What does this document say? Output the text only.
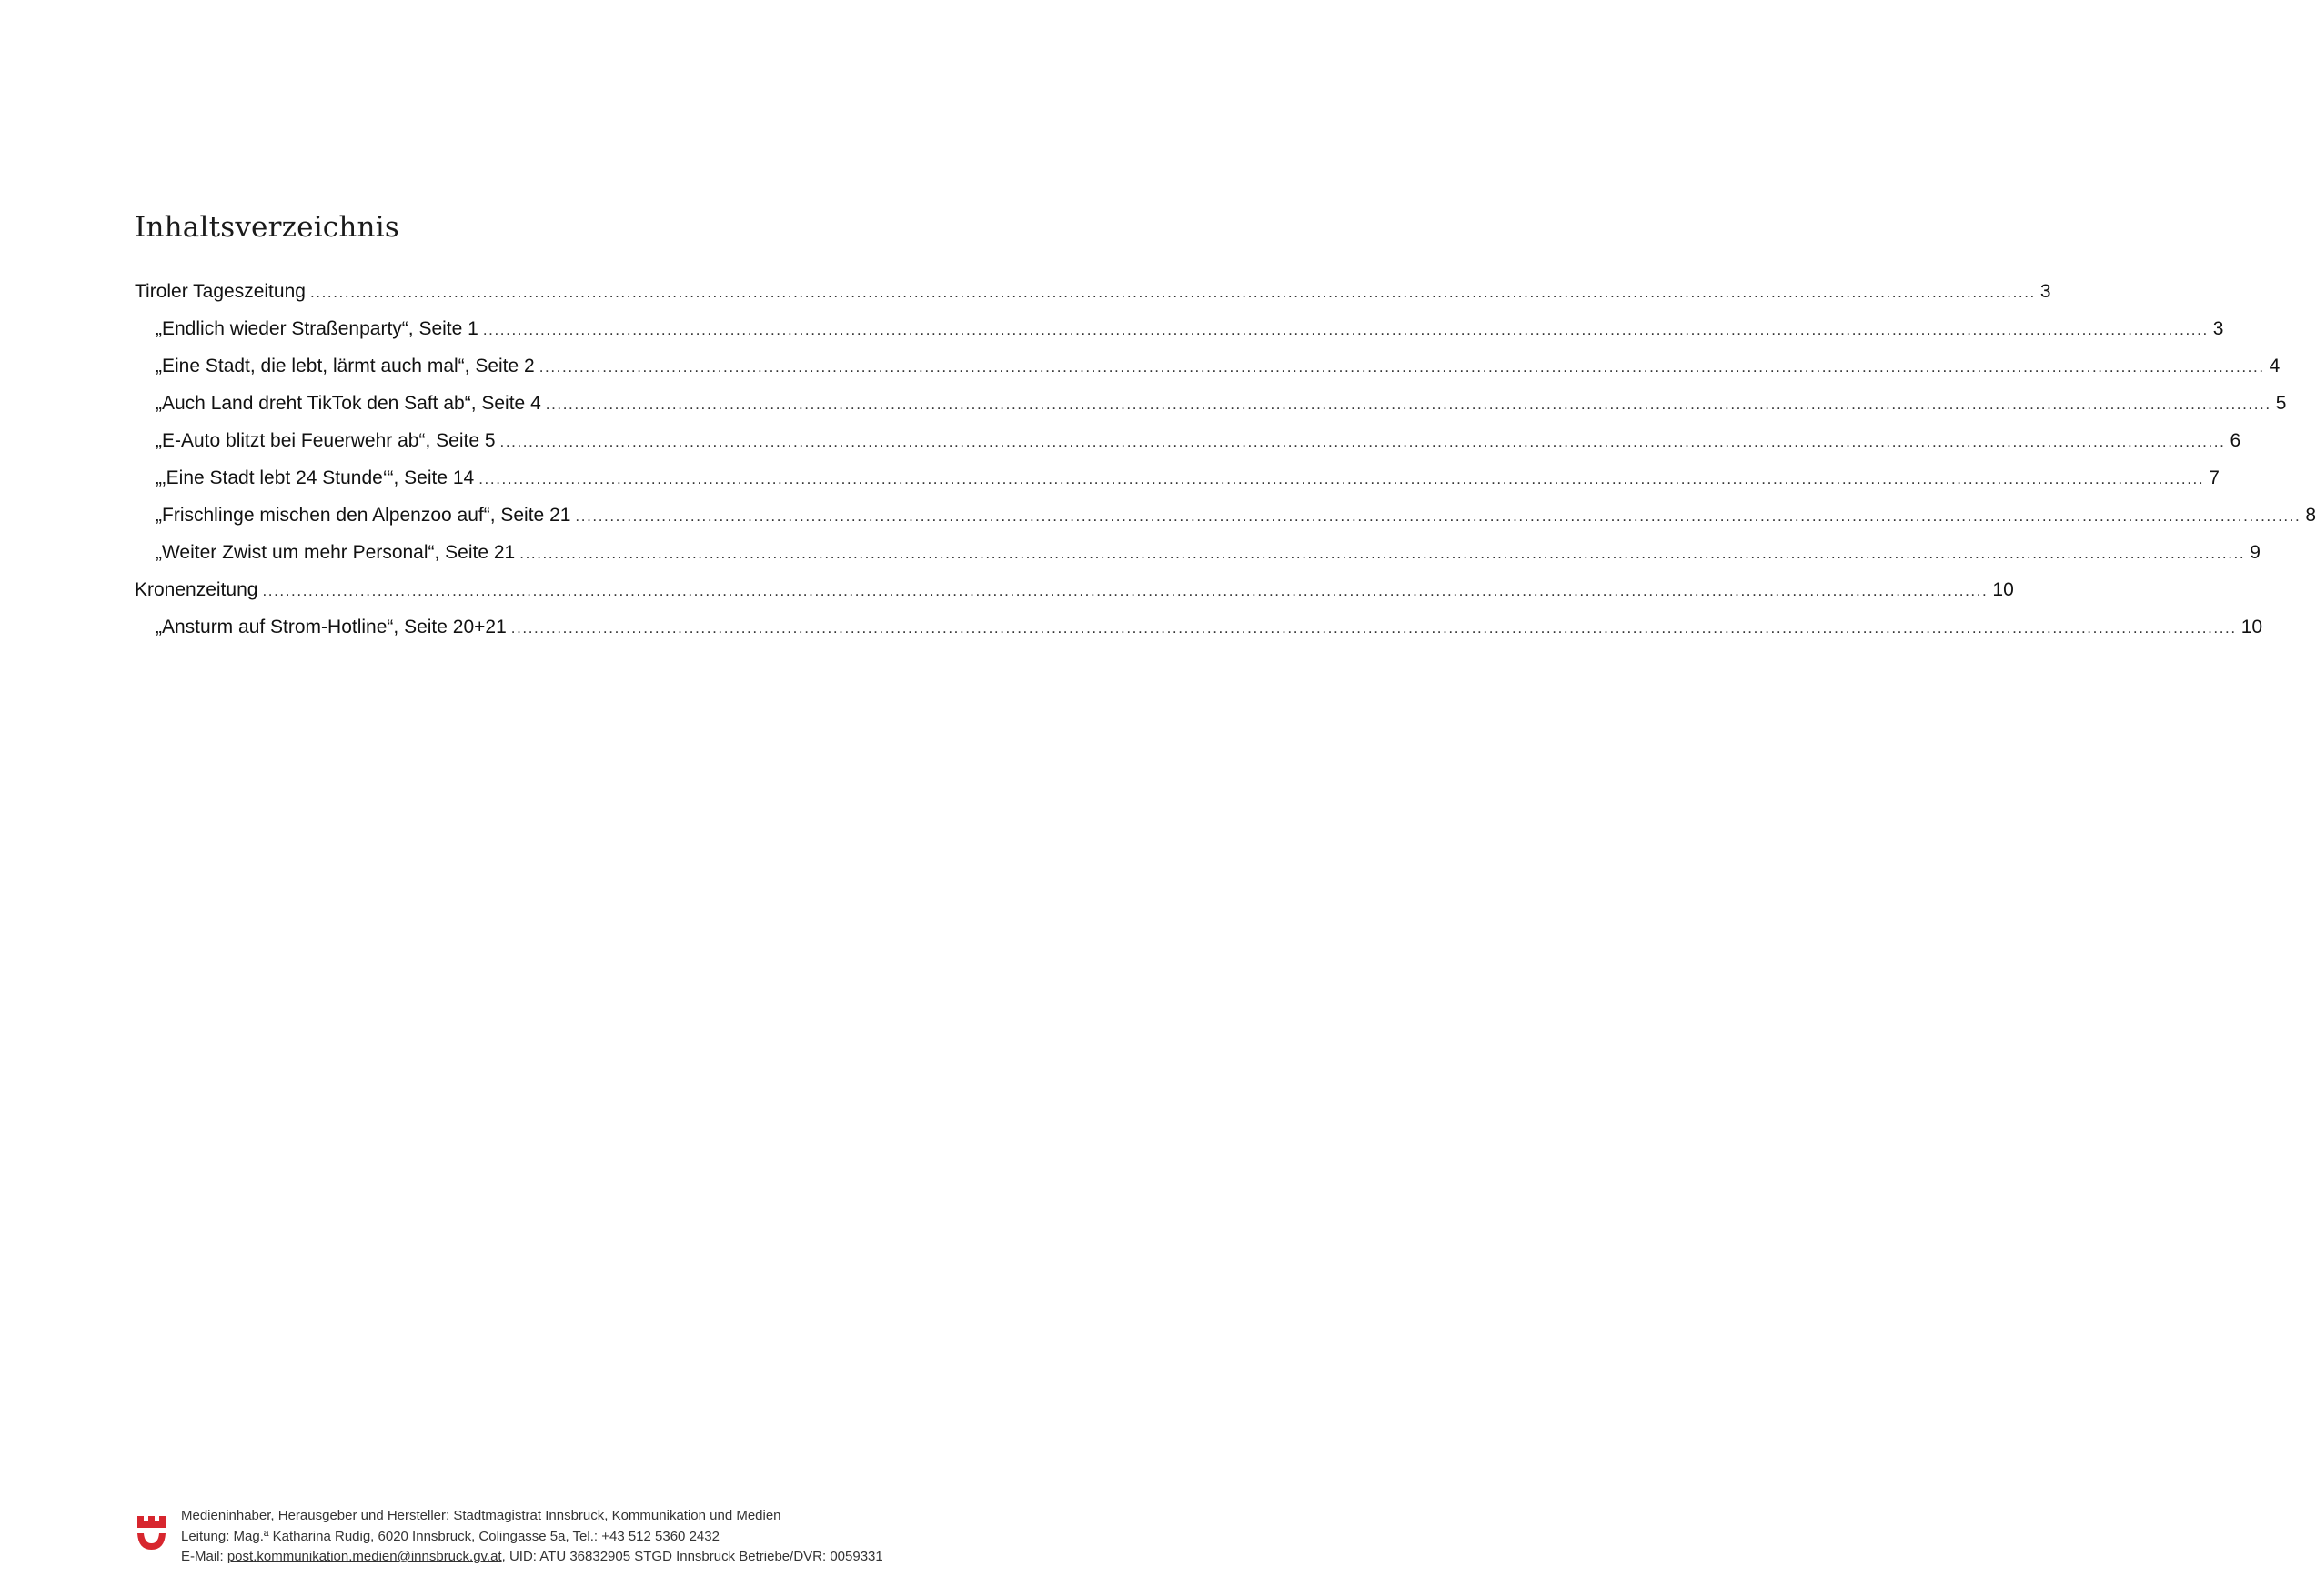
Inhaltsverzeichnis
Tiroler Tageszeitung ............................................................................................................................................................................................................................................................................................................ 3
„Endlich wieder Straßenparty“, Seite 1 ............................................................................................................................................................................................................................................................................................................ 3
„Eine Stadt, die lebt, lärmt auch mal“, Seite 2 ............................................................................................................................................................................................................................................................................................................ 4
„Auch Land dreht TikTok den Saft ab“, Seite 4 ............................................................................................................................................................................................................................................................................................................ 5
„E-Auto blitzt bei Feuerwehr ab“, Seite 5 ............................................................................................................................................................................................................................................................................................................ 6
„‚Eine Stadt lebt 24 Stunde‘“, Seite 14 ............................................................................................................................................................................................................................................................................................................ 7
„Frischlinge mischen den Alpenzoo auf“, Seite 21 ............................................................................................................................................................................................................................................................................................................ 8
„Weiter Zwist um mehr Personal“, Seite 21 ............................................................................................................................................................................................................................................................................................................ 9
Kronenzeitung ............................................................................................................................................................................................................................................................................................................ 10
„Ansturm auf Strom-Hotline“, Seite 20+21 ............................................................................................................................................................................................................................................................................................................ 10
Medieninhaber, Herausgeber und Hersteller: Stadtmagistrat Innsbruck, Kommunikation und Medien
Leitung: Mag.ª Katharina Rudig, 6020 Innsbruck, Colingasse 5a, Tel.: +43 512 5360 2432
E-Mail: post.kommunikation.medien@innsbruck.gv.at, UID: ATU 36832905 STGD Innsbruck Betriebe/DVR: 0059331
